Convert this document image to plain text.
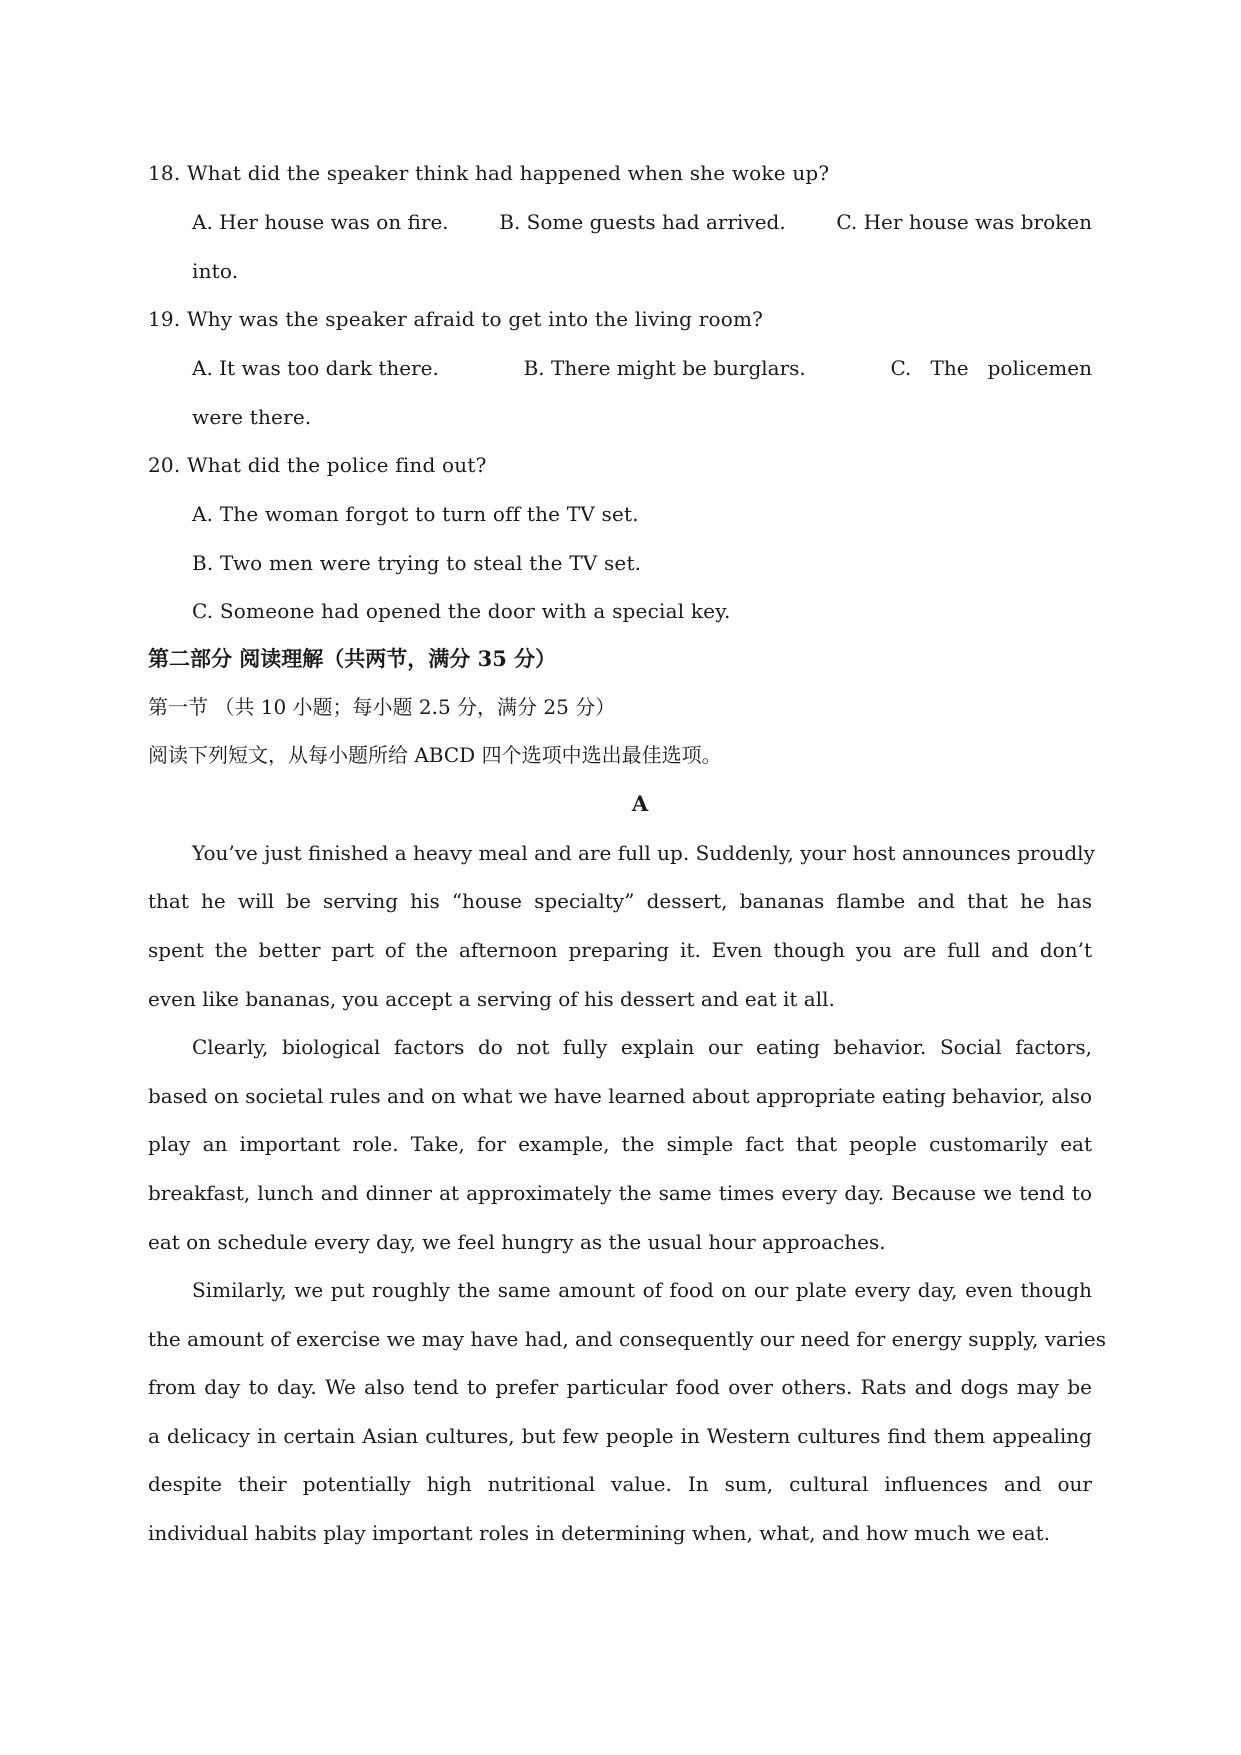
18. What did the speaker think had happened when she woke up?
A. Her house was on fire.	B. Some guests had arrived.	C. Her house was broken
into.
19. Why was the speaker afraid to get into the living room?
A. It was too dark there.	B. There might be burglars.	C.   The   policemen
were there.
20. What did the police find out?
A. The woman forgot to turn off the TV set.
B. Two men were trying to steal the TV set.
C. Someone had opened the door with a special key.
第二部分 阅读理解（共两节，满分 35 分）
第一节 （共 10 小题；每小题 2.5 分，满分 25 分）
阅读下列短文，从每小题所给 ABCD 四个选项中选出最佳选项。
A
You’ve just finished a heavy meal and are full up. Suddenly, your host announces proudly
that he will be serving his “house specialty” dessert, bananas flambe and that he has
spent the better part of the afternoon preparing it. Even though you are full and don’t
even like bananas, you accept a serving of his dessert and eat it all.
Clearly, biological factors do not fully explain our eating behavior. Social factors,
based on societal rules and on what we have learned about appropriate eating behavior, also
play an important role. Take, for example, the simple fact that people customarily eat
breakfast, lunch and dinner at approximately the same times every day. Because we tend to
eat on schedule every day, we feel hungry as the usual hour approaches.
Similarly, we put roughly the same amount of food on our plate every day, even though
the amount of exercise we may have had, and consequently our need for energy supply, varies
from day to day. We also tend to prefer particular food over others. Rats and dogs may be
a delicacy in certain Asian cultures, but few people in Western cultures find them appealing
despite their potentially high nutritional value. In sum, cultural influences and our
individual habits play important roles in determining when, what, and how much we eat.
